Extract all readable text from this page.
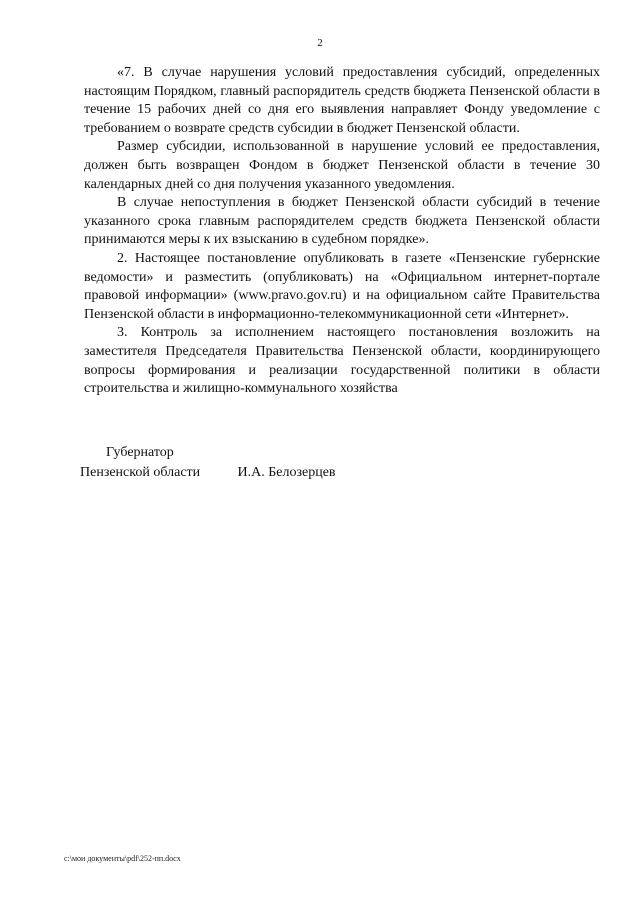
2

«7. В случае нарушения условий предоставления субсидий, определенных настоящим Порядком, главный распорядитель средств бюджета Пензенской области в течение 15 рабочих дней со дня его выявления направляет Фонду уведомление с требованием о возврате средств субсидии в бюджет Пензенской области.

Размер субсидии, использованной в нарушение условий ее предоставления, должен быть возвращен Фондом в бюджет Пензенской области в течение 30 календарных дней со дня получения указанного уведомления.

В случае непоступления в бюджет Пензенской области субсидий в течение указанного срока главным распорядителем средств бюджета Пензенской области принимаются меры к их взысканию в судебном порядке».

2. Настоящее постановление опубликовать в газете «Пензенские губернские ведомости» и разместить (опубликовать) на «Официальном интернет-портале правовой информации» (www.pravo.gov.ru) и на официальном сайте Правительства Пензенской области в информационно-телекоммуникационной сети «Интернет».

3. Контроль за исполнением настоящего постановления возложить на заместителя Председателя Правительства Пензенской области, координирующего вопросы формирования и реализации государственной политики в области строительства и жилищно-коммунального хозяйства

Губернатор
Пензенской области	И.А. Белозерцев
c:\мои документы\pdf\252-пп.docx
